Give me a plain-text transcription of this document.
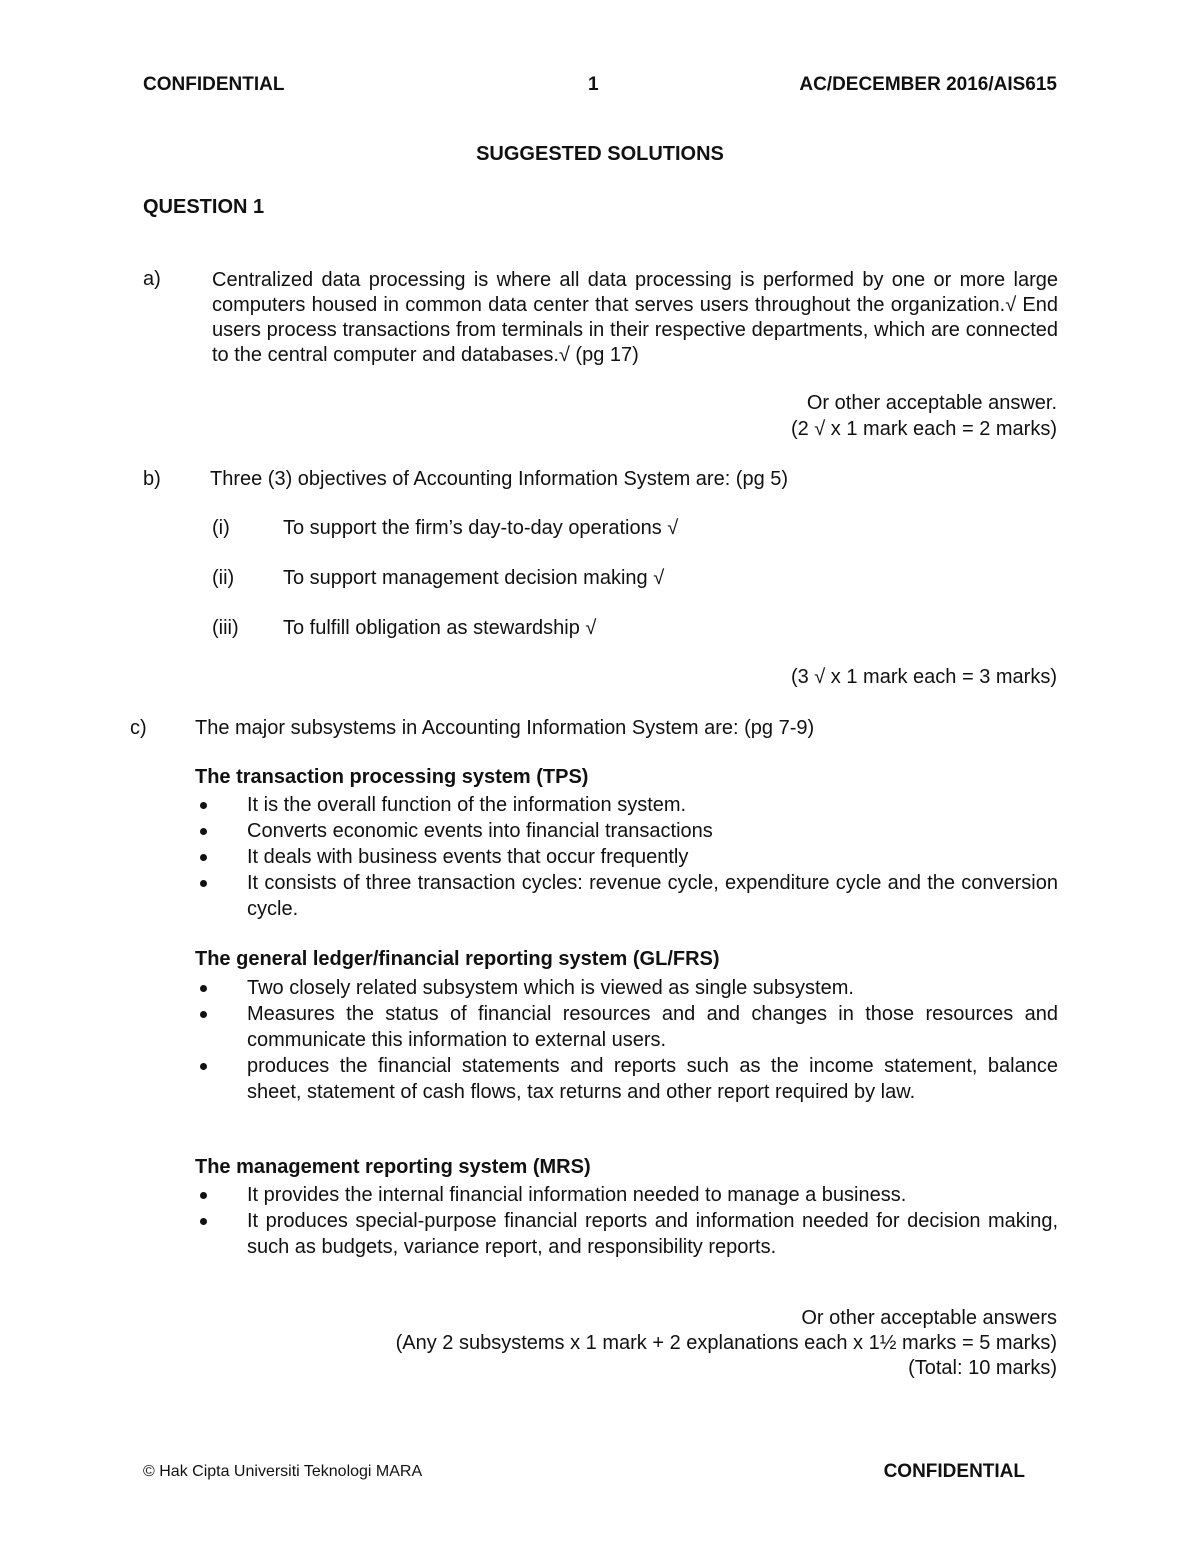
CONFIDENTIAL	1	AC/DECEMBER 2016/AIS615
SUGGESTED SOLUTIONS
QUESTION 1
a)	Centralized data processing is where all data processing is performed by one or more large computers housed in common data center that serves users throughout the organization.√ End users process transactions from terminals in their respective departments, which are connected to the central computer and databases.√ (pg 17)
Or other acceptable answer.
(2 √ x 1 mark each = 2 marks)
b) Three (3) objectives of Accounting Information System are: (pg 5)
(i)	To support the firm’s day-to-day operations √
(ii) To support management decision making √
(iii) To fulfill obligation as stewardship √
(3 √ x 1 mark each = 3 marks)
c) The major subsystems in Accounting Information System are: (pg 7-9)
The transaction processing system (TPS)
It is the overall function of the information system.
Converts economic events into financial transactions
It deals with business events that occur frequently
It consists of three transaction cycles: revenue cycle, expenditure cycle and the conversion cycle.
The general ledger/financial reporting system (GL/FRS)
Two closely related subsystem which is viewed as single subsystem.
Measures the status of financial resources and and changes in those resources and communicate this information to external users.
produces the financial statements and reports such as the income statement, balance sheet, statement of cash flows, tax returns and other report required by law.
The management reporting system (MRS)
It provides the internal financial information needed to manage a business.
It produces special-purpose financial reports and information needed for decision making, such as budgets, variance report, and responsibility reports.
Or other acceptable answers
(Any 2 subsystems x 1 mark + 2 explanations each x 1½ marks = 5 marks)
(Total: 10 marks)
© Hak Cipta Universiti Teknologi MARA	CONFIDENTIAL
